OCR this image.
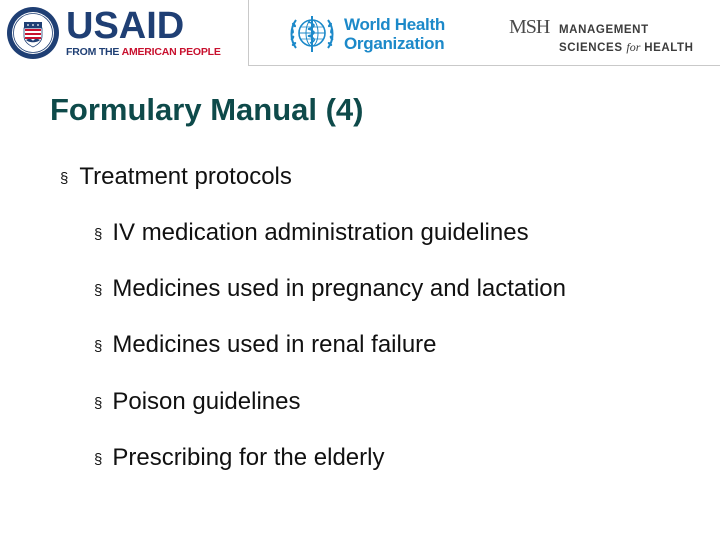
USAID
FROM THE AMERICAN PEOPLE
World Health
Organization
MSH MANAGEMENT
SCIENCES for HEALTH
Formulary Manual (4)
§ Treatment protocols
§ IV medication administration guidelines
§ Medicines used in pregnancy and lactation
§ Medicines used in renal failure
§ Poison guidelines
§ Prescribing for the elderly
